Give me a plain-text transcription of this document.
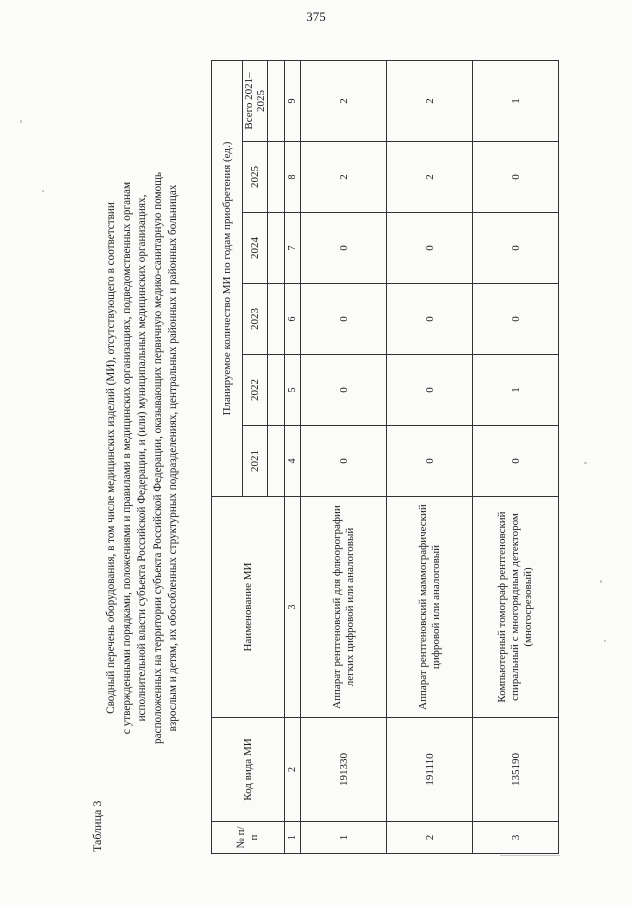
375
Таблица 3
Сводный перечень оборудования, в том числе медицинских изделий (МИ), отсутствующего в соответствии с утвержденными порядками, положениями и правилами в медицинских организациях, подведомственных органам исполнительной власти субъекта Российской Федерации, и (или) муниципальных медицинских организациях, расположенных на территории субъекта Российской Федерации, оказывающих первичную медико-санитарную помощь взрослым и детям, их обособленных структурных подразделениях, центральных районных и районных больницах
№ п/п	Код вида МИ	Наименование МИ	Планируемое количество МИ по годам приобретения (ед.)					
			2021	2022	2023	2024	2025	Всего 2021–2025

1	2	3	4	5	6	7	8	9
1	191330	Аппарат рентгеновский для флюорографии легких цифровой или аналоговый	0	0	0	0	2	2
2	191110	Аппарат рентгеновский маммографический цифровой или аналоговый	0	0	0	0	2	2
3	135190	Компьютерный томограф рентгеновский спиральный с многорядным детектором (многосрезовый)	0	1	0	0	0	1
